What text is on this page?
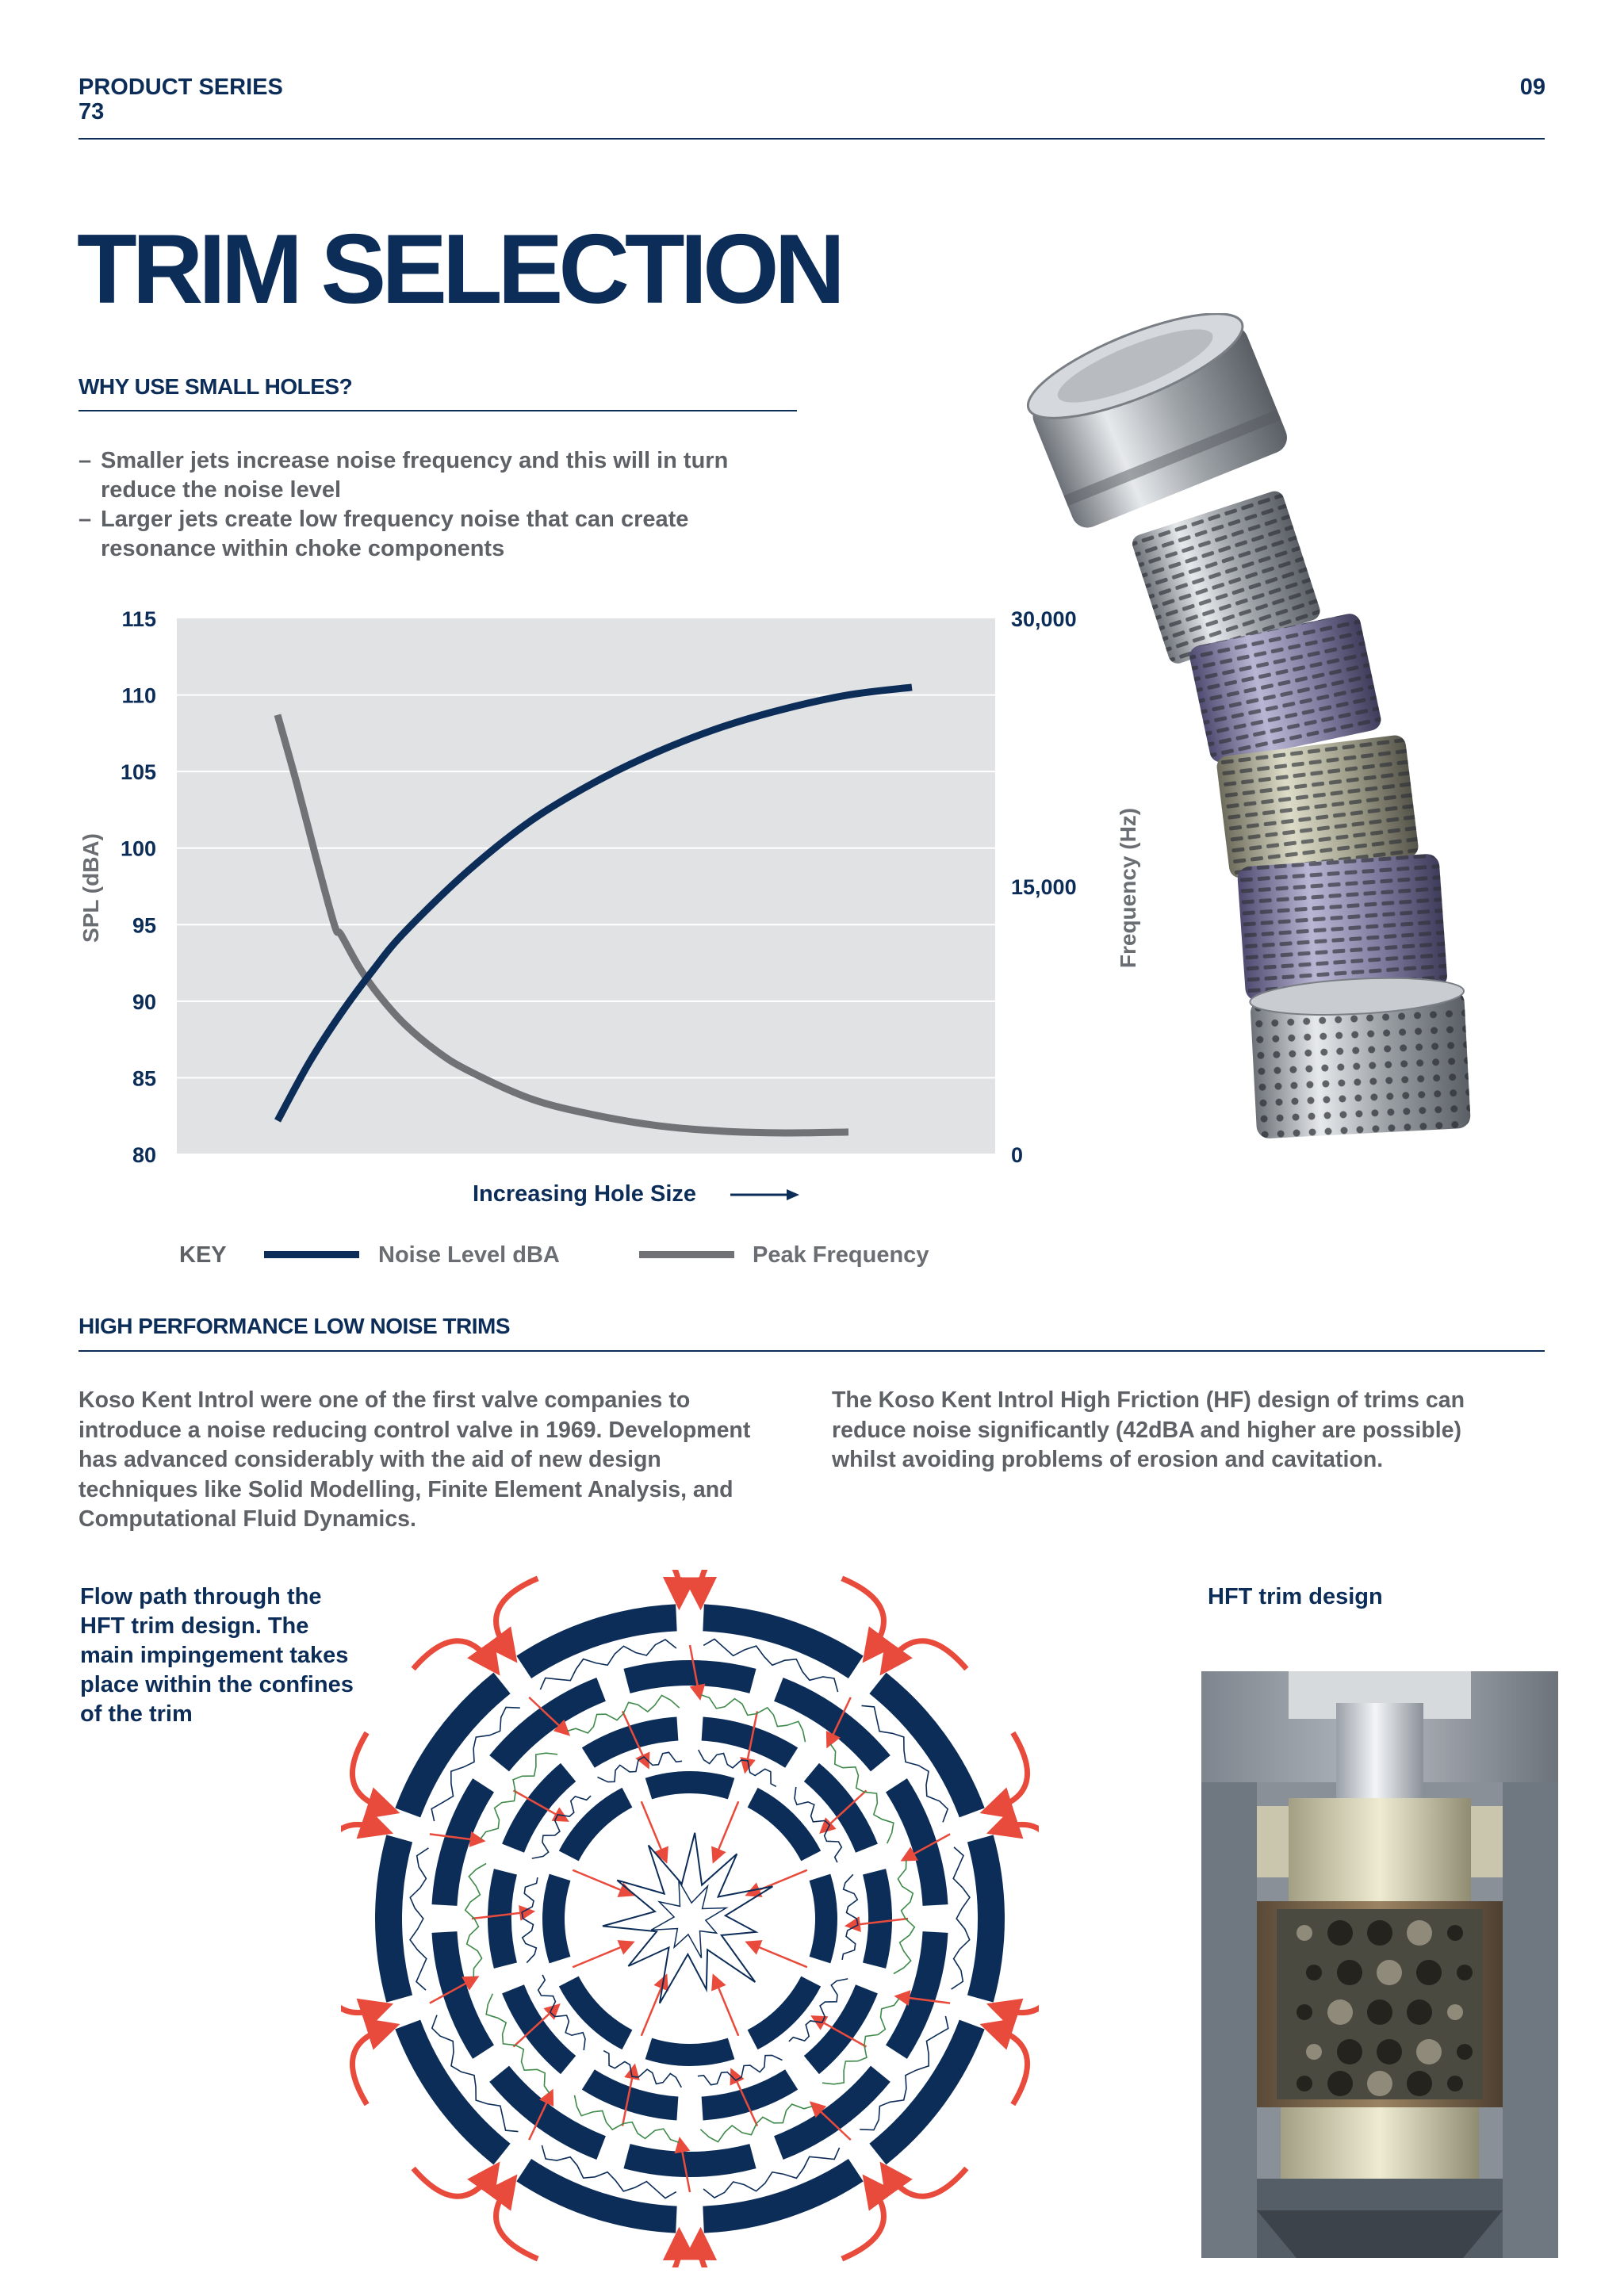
PRODUCT SERIES
73
09
TRIM SELECTION
WHY USE SMALL HOLES?
– Smaller jets increase noise frequency and this will in turn
reduce the noise level
– Larger jets create low frequency noise that can create
resonance within choke components
115
110
105
100
95
90
85
80
30,000
15,000
0
SPL (dBA)	Frequency (Hz)
Increasing Hole Size
KEY	Noise Level dBA	Peak Frequency
HIGH PERFORMANCE LOW NOISE TRIMS
Koso Kent Introl were one of the first valve companies to
introduce a noise reducing control valve in 1969. Development
has advanced considerably with the aid of new design
techniques like Solid Modelling, Finite Element Analysis, and
Computational Fluid Dynamics.
The Koso Kent Introl High Friction (HF) design of trims can
reduce noise significantly (42dBA and higher are possible)
whilst avoiding problems of erosion and cavitation.
Flow path through the
HFT trim design. The
main impingement takes
place within the confines
of the trim
HFT trim design
